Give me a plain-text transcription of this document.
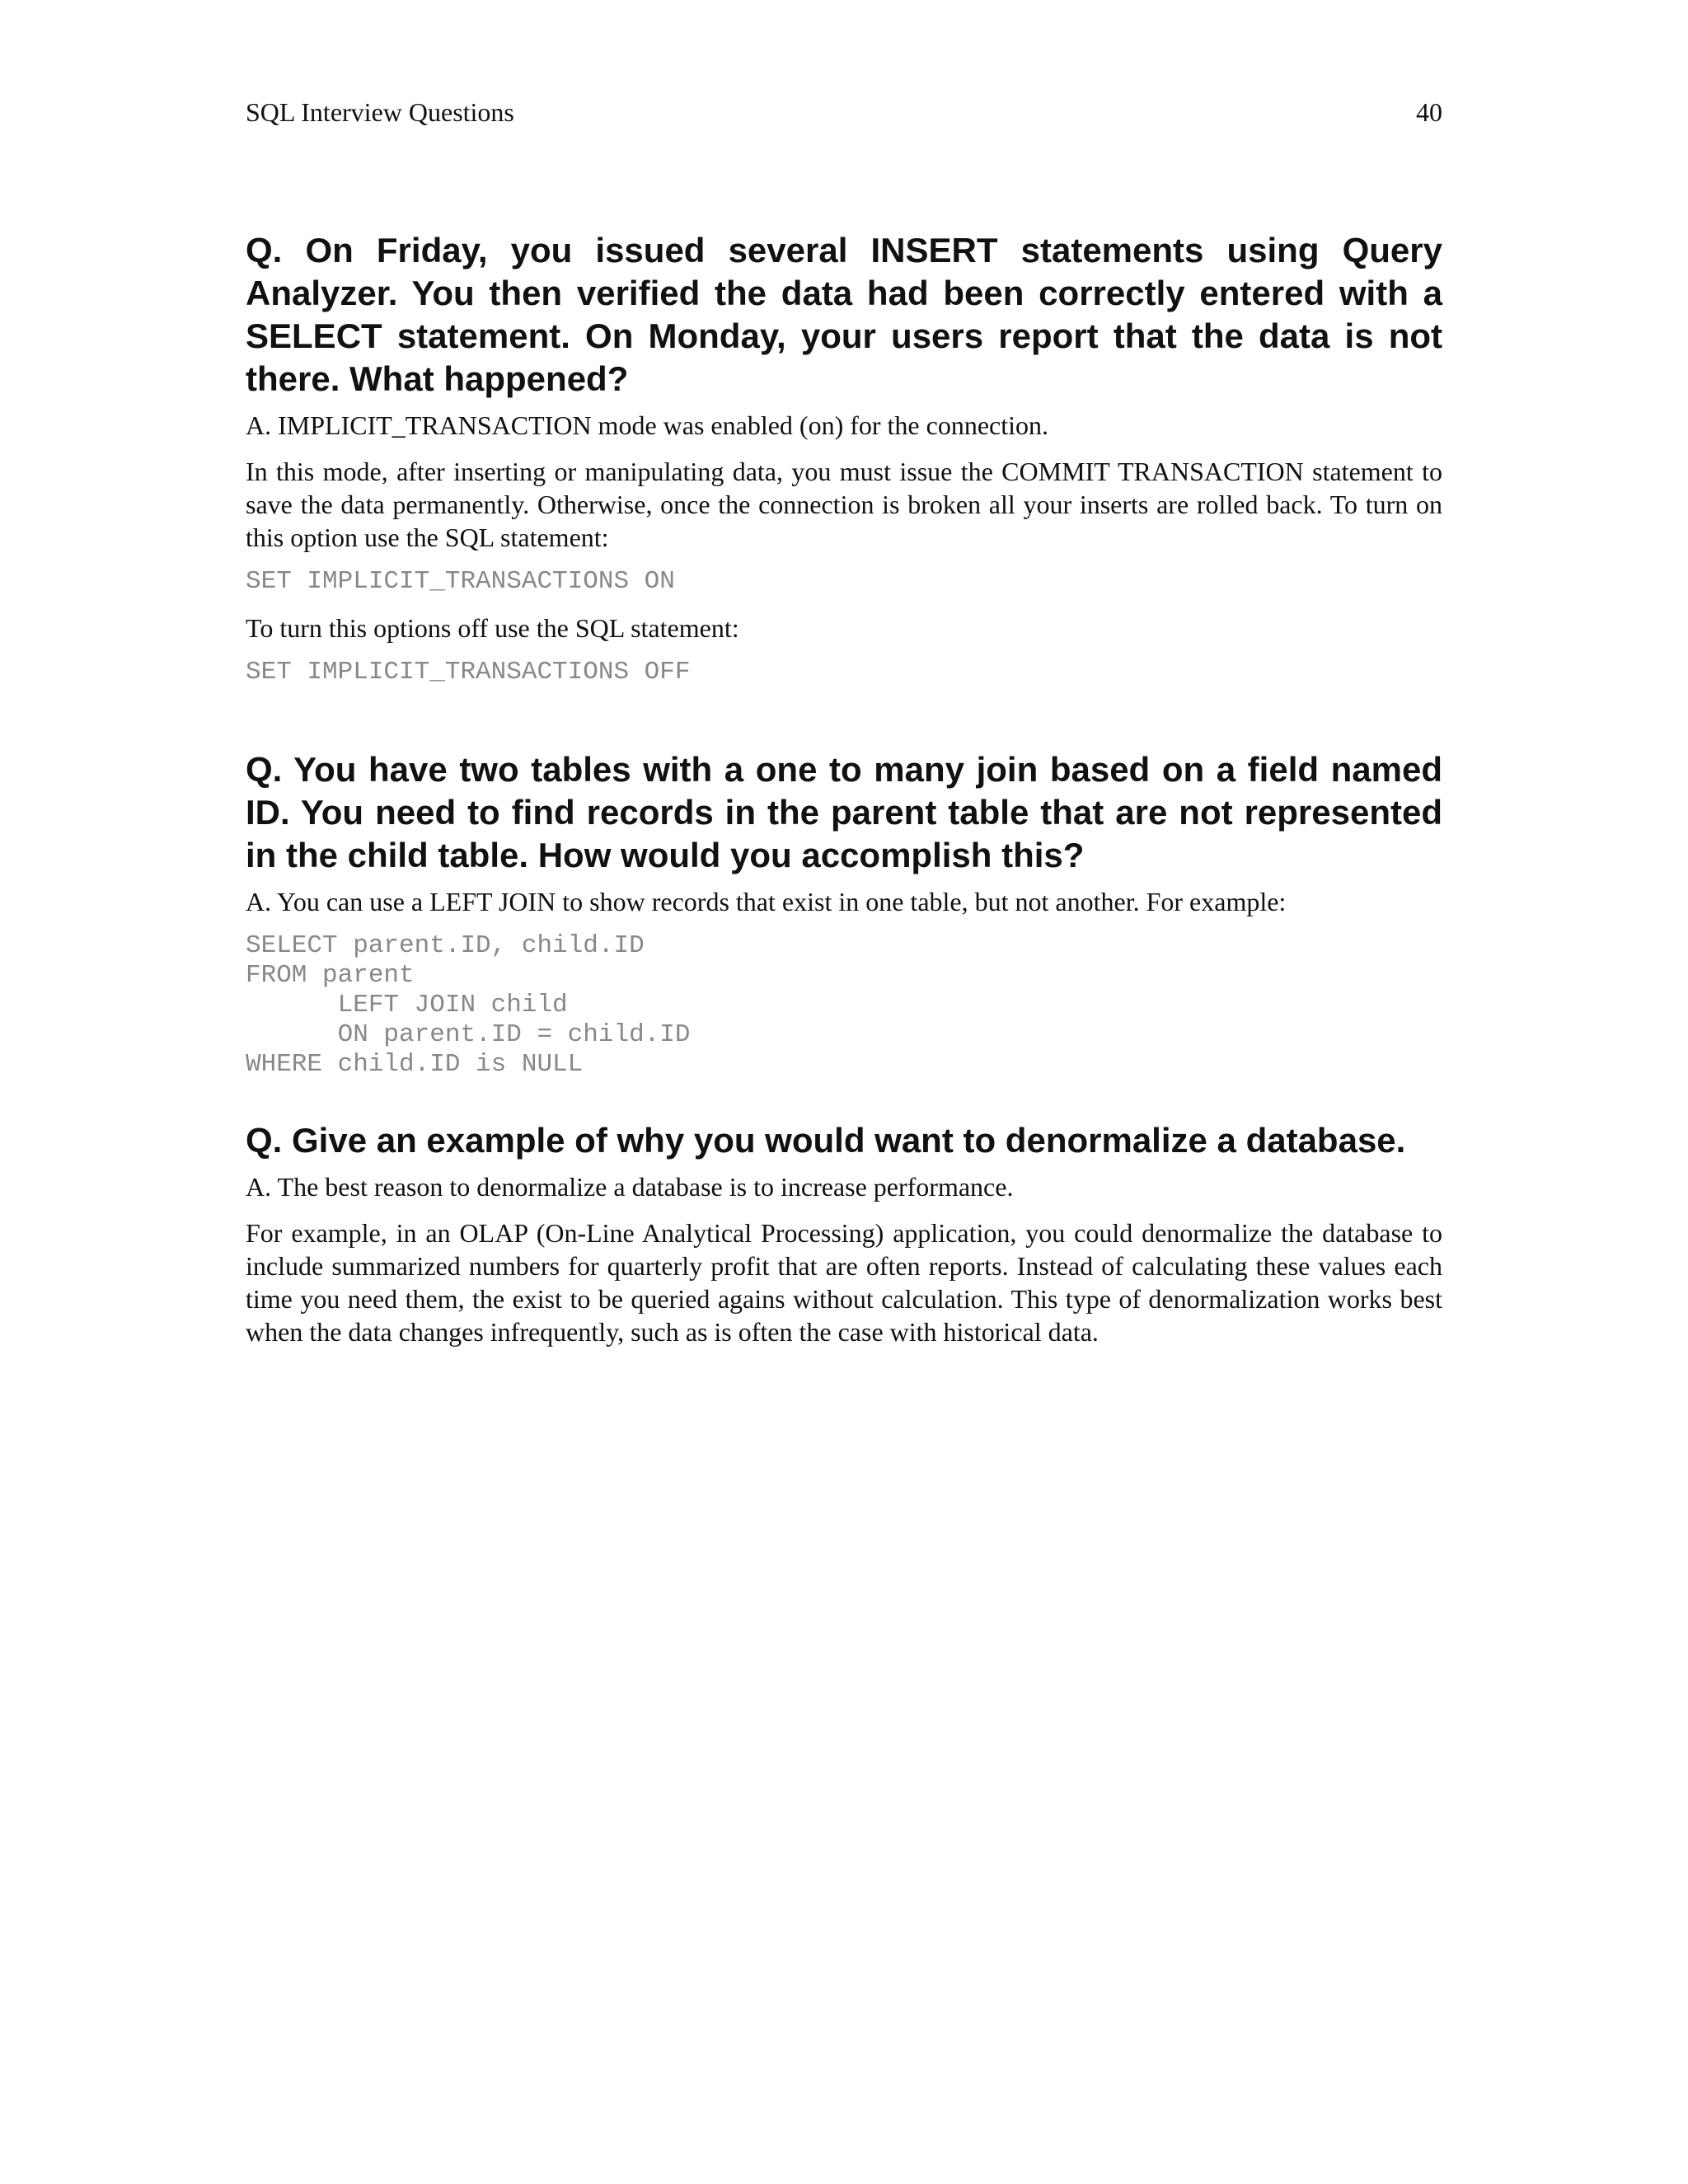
SQL Interview Questions	40

Q. On Friday, you issued several INSERT statements using Query Analyzer. You then verified the data had been correctly entered with a SELECT statement. On Monday, your users report that the data is not there. What happened?

A. IMPLICIT_TRANSACTION mode was enabled (on) for the connection.

In this mode, after inserting or manipulating data, you must issue the COMMIT TRANSACTION statement to save the data permanently. Otherwise, once the connection is broken all your inserts are rolled back. To turn on this option use the SQL statement:

SET IMPLICIT_TRANSACTIONS ON

To turn this options off use the SQL statement:

SET IMPLICIT_TRANSACTIONS OFF

Q. You have two tables with a one to many join based on a field named ID. You need to find records in the parent table that are not represented in the child table. How would you accomplish this?

A. You can use a LEFT JOIN to show records that exist in one table, but not another. For example:

SELECT parent.ID, child.ID
FROM parent
LEFT JOIN child
ON parent.ID = child.ID
WHERE child.ID is NULL

Q. Give an example of why you would want to denormalize a database.

A. The best reason to denormalize a database is to increase performance.

For example, in an OLAP (On-Line Analytical Processing) application, you could denormalize the database to include summarized numbers for quarterly profit that are often reports. Instead of calculating these values each time you need them, the exist to be queried agains without calculation. This type of denormalization works best when the data changes infrequently, such as is often the case with historical data.
